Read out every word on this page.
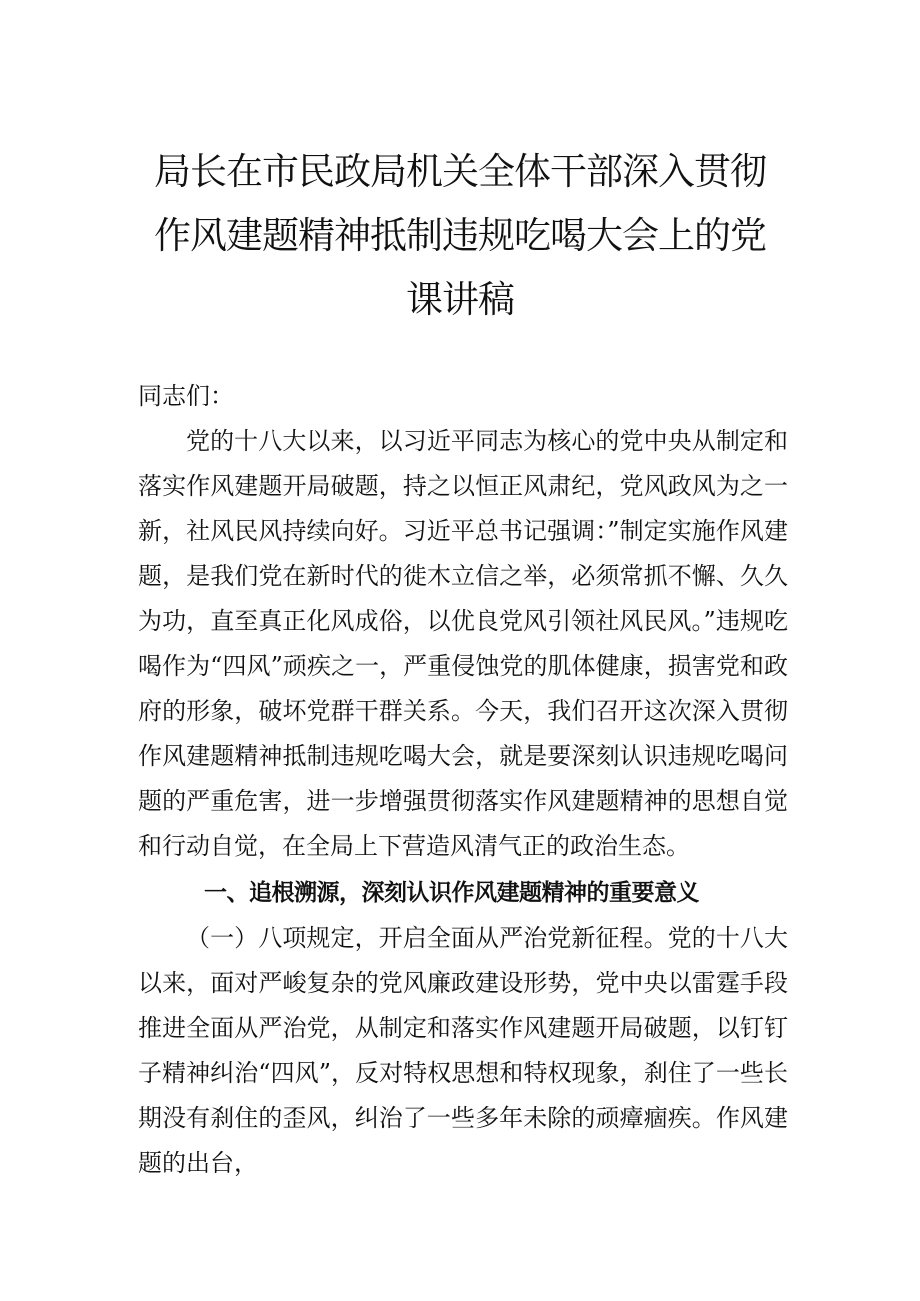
局长在市民政局机关全体干部深入贯彻作风建题精神抵制违规吃喝大会上的党课讲稿

同志们：

党的十八大以来，以习近平同志为核心的党中央从制定和落实作风建题开局破题，持之以恒正风肃纪，党风政风为之一新，社风民风持续向好。习近平总书记强调：”制定实施作风建题，是我们党在新时代的徙木立信之举，必须常抓不懈、久久为功，直至真正化风成俗，以优良党风引领社风民风。”违规吃喝作为“四风”顽疾之一，严重侵蚀党的肌体健康，损害党和政府的形象，破坏党群干群关系。今天，我们召开这次深入贯彻作风建题精神抵制违规吃喝大会，就是要深刻认识违规吃喝问题的严重危害，进一步增强贯彻落实作风建题精神的思想自觉和行动自觉，在全局上下营造风清气正的政治生态。

一、追根溯源，深刻认识作风建题精神的重要意义

（一）八项规定，开启全面从严治党新征程。党的十八大以来，面对严峻复杂的党风廉政建设形势，党中央以雷霆手段推进全面从严治党，从制定和落实作风建题开局破题，以钉钉子精神纠治“四风”，反对特权思想和特权现象，刹住了一些长期没有刹住的歪风，纠治了一些多年未除的顽瘴痼疾。作风建题的出台，
